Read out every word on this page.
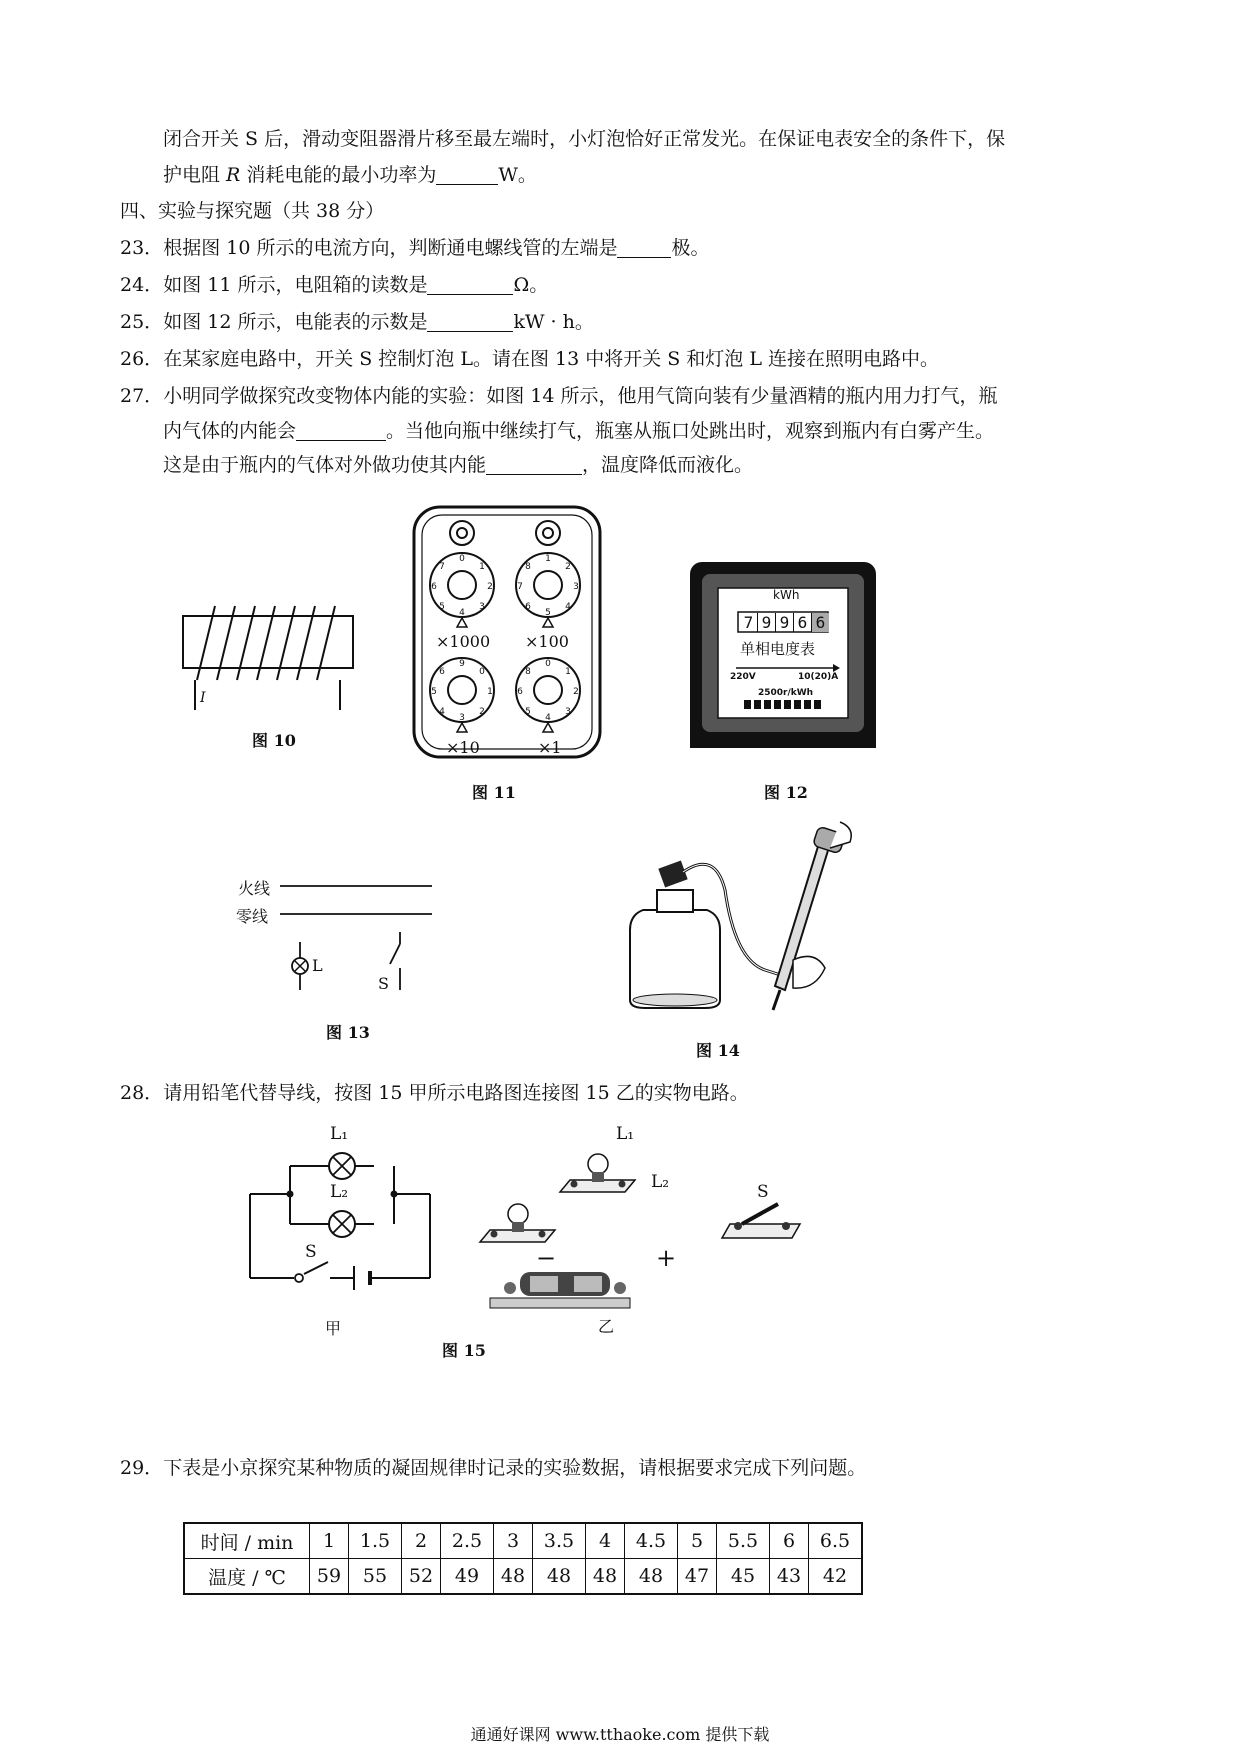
闭合开关 S 后，滑动变阻器滑片移至最左端时，小灯泡恰好正常发光。在保证电表安全的条件下，保
护电阻 R 消耗电能的最小功率为	W。
四、实验与探究题（共 38 分）
23．根据图 10 所示的电流方向，判断通电螺线管的左端是	极。
24．如图 11 所示，电阻箱的读数是	Ω。
25．如图 12 所示，电能表的示数是	kW · h。
26．在某家庭电路中，开关 S 控制灯泡 L。请在图 13 中将开关 S 和灯泡 L 连接在照明电路中。
27．小明同学做探究改变物体内能的实验：如图 14 所示，他用气筒向装有少量酒精的瓶内用力打气，瓶
内气体的内能会	。当他向瓶中继续打气，瓶塞从瓶口处跳出时，观察到瓶内有白雾产生。
这是由于瓶内的气体对外做功使其内能	，温度降低而液化。
I
图 10
0
1
2
3
4
5
6
7
1
2
3
4
5
6
7
8
9
0
1
2
3
4
5
6
0
1
2
3
4
5
6
8
×1000 ×100
×10	×1
图 11
kWh
7 9 9 6 6
单相电度表
220V	10(20)A
2500r/kWh
图 12
火线
零线
L
S
图 13
图 14
28．请用铅笔代替导线，按图 15 甲所示电路图连接图 15 乙的实物电路。
L₁
L₂
S
甲
L₁
L₂	S
−	+
乙
图 15
29．下表是小京探究某种物质的凝固规律时记录的实验数据，请根据要求完成下列问题。
时间 / min	1	1.5	2	2.5	3	3.5	4	4.5	5	5.5	6	6.5
温度 / ℃	59	55	52	49	48	48	48	48	47	45	43	42
通通好课网 www.tthaoke.com 提供下载
